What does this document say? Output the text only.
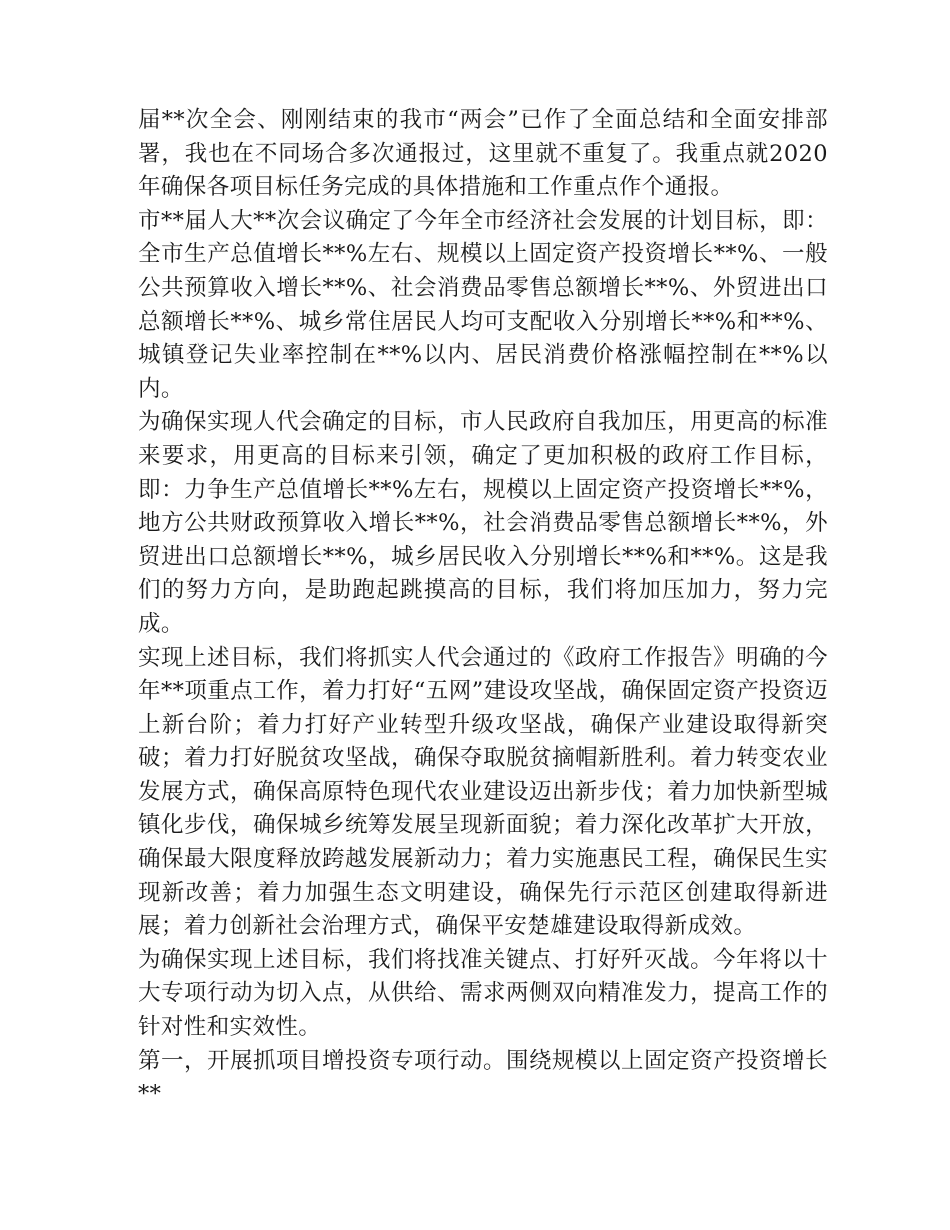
届**次全会、刚刚结束的我市“两会”已作了全面总结和全面安排部署，我也在不同场合多次通报过，这里就不重复了。我重点就2020年确保各项目标任务完成的具体措施和工作重点作个通报。

市**届人大**次会议确定了今年全市经济社会发展的计划目标，即：全市生产总值增长**%左右、规模以上固定资产投资增长**%、一般公共预算收入增长**%、社会消费品零售总额增长**%、外贸进出口总额增长**%、城乡常住居民人均可支配收入分别增长**%和**%、城镇登记失业率控制在**%以内、居民消费价格涨幅控制在**%以内。

为确保实现人代会确定的目标，市人民政府自我加压，用更高的标准来要求，用更高的目标来引领，确定了更加积极的政府工作目标，即：力争生产总值增长**%左右，规模以上固定资产投资增长**%，地方公共财政预算收入增长**%，社会消费品零售总额增长**%，外贸进出口总额增长**%，城乡居民收入分别增长**%和**%。这是我们的努力方向，是助跑起跳摸高的目标，我们将加压加力，努力完成。

实现上述目标，我们将抓实人代会通过的《政府工作报告》明确的今年**项重点工作，着力打好“五网”建设攻坚战，确保固定资产投资迈上新台阶；着力打好产业转型升级攻坚战，确保产业建设取得新突破；着力打好脱贫攻坚战，确保夺取脱贫摘帽新胜利。着力转变农业发展方式，确保高原特色现代农业建设迈出新步伐；着力加快新型城镇化步伐，确保城乡统筹发展呈现新面貌；着力深化改革扩大开放，确保最大限度释放跨越发展新动力；着力实施惠民工程，确保民生实现新改善；着力加强生态文明建设，确保先行示范区创建取得新进展；着力创新社会治理方式，确保平安楚雄建设取得新成效。

为确保实现上述目标，我们将找准关键点、打好歼灭战。今年将以十大专项行动为切入点，从供给、需求两侧双向精准发力，提高工作的针对性和实效性。

第一，开展抓项目增投资专项行动。围绕规模以上固定资产投资增长**
